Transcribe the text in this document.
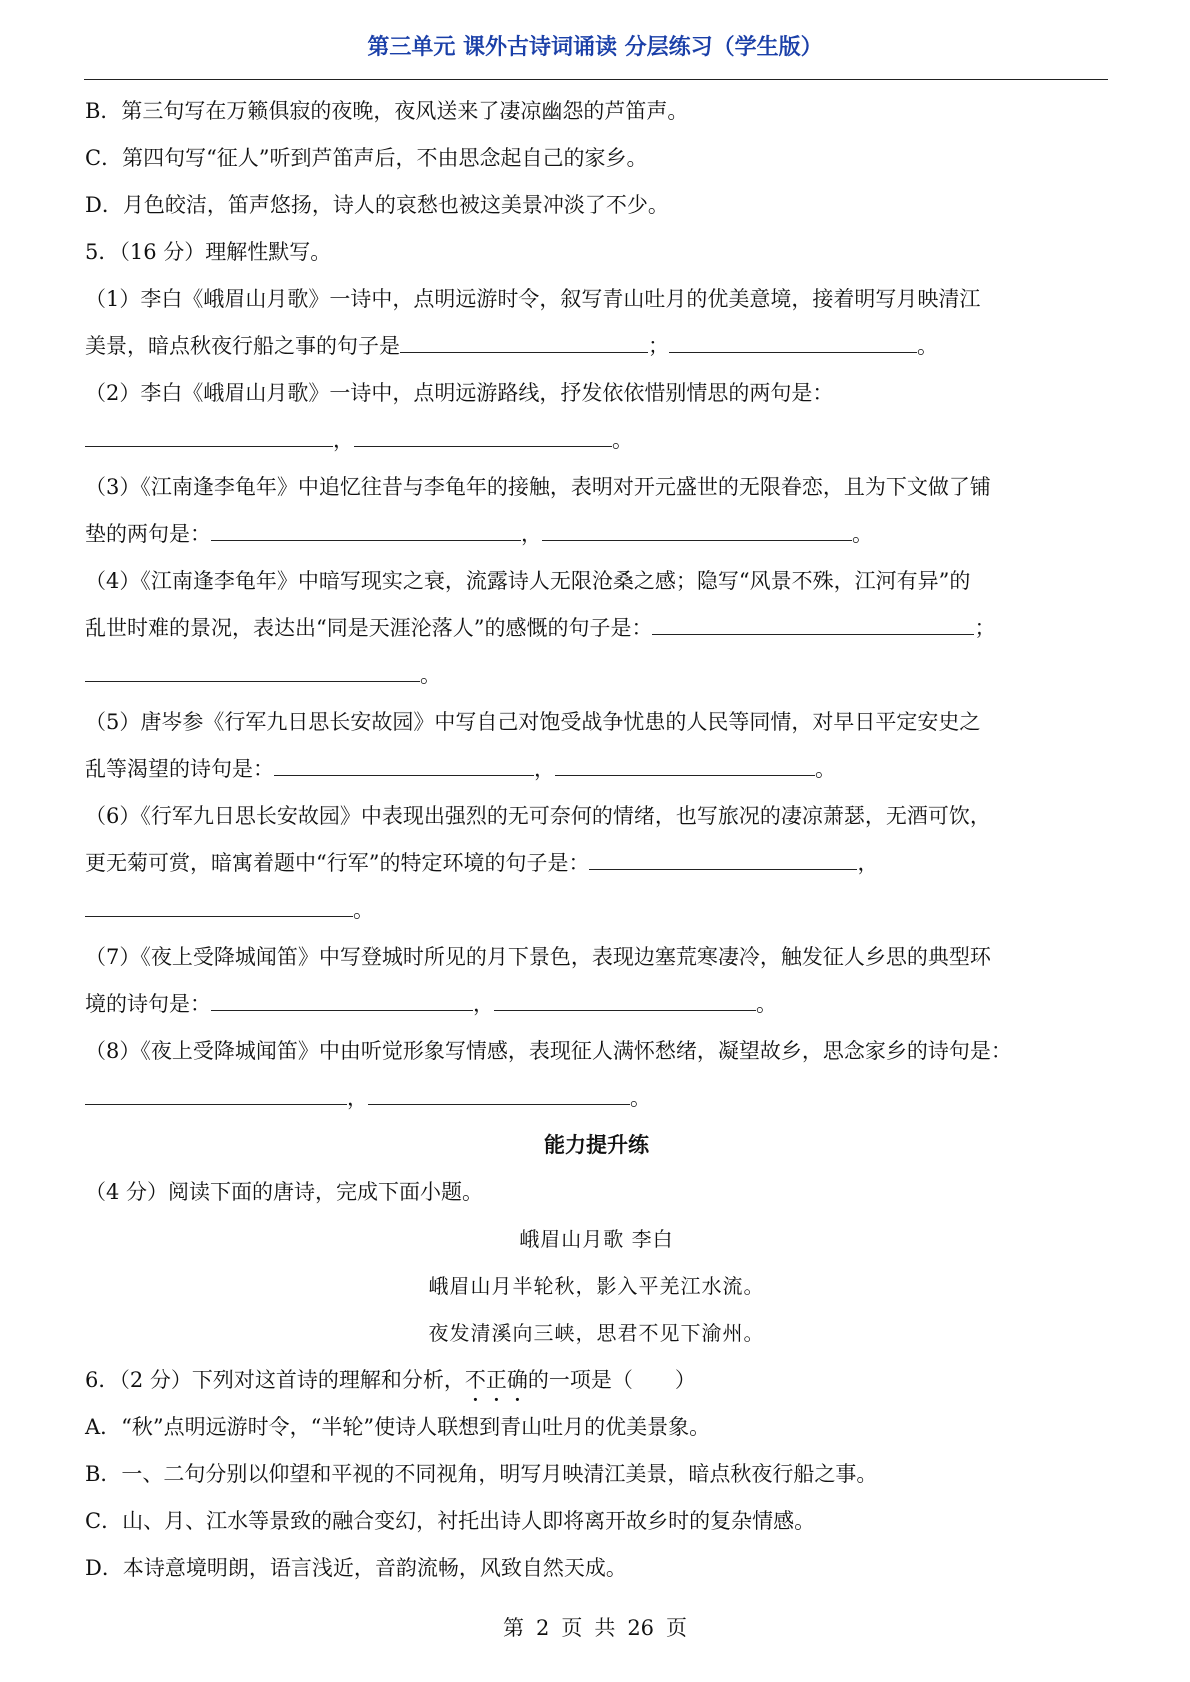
第三单元 课外古诗词诵读 分层练习（学生版）
B．第三句写在万籁俱寂的夜晚，夜风送来了凄凉幽怨的芦笛声。
C．第四句写“征人”听到芦笛声后，不由思念起自己的家乡。
D．月色皎洁，笛声悠扬，诗人的哀愁也被这美景冲淡了不少。
5．（16 分）理解性默写。
（1）李白《峨眉山月歌》一诗中，点明远游时令，叙写青山吐月的优美意境，接着明写月映清江
美景，暗点秋夜行船之事的句子是	；	。
（2）李白《峨眉山月歌》一诗中，点明远游路线，抒发依依惜别情思的两句是：
，	。
（3）《江南逢李龟年》中追忆往昔与李龟年的接触，表明对开元盛世的无限眷恋，且为下文做了铺
垫的两句是：	，	。
（4）《江南逢李龟年》中暗写现实之衰，流露诗人无限沧桑之感；隐写“风景不殊，江河有异”的
乱世时难的景况，表达出“同是天涯沦落人”的感慨的句子是：	；
。
（5）唐岑参《行军九日思长安故园》中写自己对饱受战争忧患的人民等同情，对早日平定安史之
乱等渴望的诗句是：	，	。
（6）《行军九日思长安故园》中表现出强烈的无可奈何的情绪，也写旅况的凄凉萧瑟，无酒可饮，
更无菊可赏，暗寓着题中“行军”的特定环境的句子是：	，
。
（7）《夜上受降城闻笛》中写登城时所见的月下景色，表现边塞荒寒凄冷，触发征人乡思的典型环
境的诗句是：	，	。
（8）《夜上受降城闻笛》中由听觉形象写情感，表现征人满怀愁绪，凝望故乡，思念家乡的诗句是：
，	。
能力提升练
（4 分）阅读下面的唐诗，完成下面小题。
峨眉山月歌 李白
峨眉山月半轮秋，影入平羌江水流。
夜发清溪向三峡，思君不见下渝州。
6．（2 分）下列对这首诗的理解和分析，不正确的一项是（　　）
A．“秋”点明远游时令，“半轮”使诗人联想到青山吐月的优美景象。
B．一、二句分别以仰望和平视的不同视角，明写月映清江美景，暗点秋夜行船之事。
C．山、月、江水等景致的融合变幻，衬托出诗人即将离开故乡时的复杂情感。
D．本诗意境明朗，语言浅近，音韵流畅，风致自然天成。
第 2 页 共 26 页
